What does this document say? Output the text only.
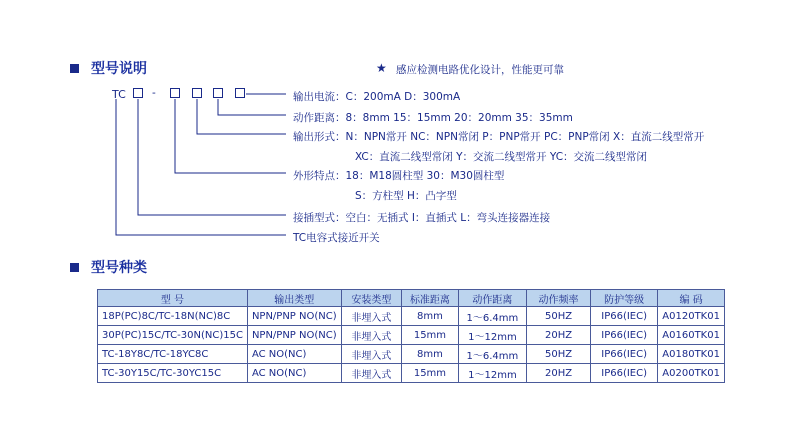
型号说明	★ 感应检测电路优化设计，性能更可靠
TC -	输出电流：C：200mA D：300mA
动作距离：8：8mm 15：15mm 20：20mm 35：35mm
输出形式：N：NPN常开 NC：NPN常闭 P：PNP常开 PC：PNP常闭 X：直流二线型常开
XC：直流二线型常闭 Y：交流二线型常开 YC：交流二线型常闭
外形特点：18：M18圆柱型 30：M30圆柱型
S：方柱型 H：凸字型
接插型式：空白：无插式 I：直插式 L：弯头连接器连接
TC电容式接近开关
型号种类
型 号	输出类型	安装类型	标准距离	动作距离	动作频率	防护等级	编 码
18P(PC)8C/TC-18N(NC)8C	NPN/PNP NO(NC)	非埋入式	8mm	1～6.4mm	50HZ	IP66(IEC)	A0120TK01
30P(PC)15C/TC-30N(NC)15C	NPN/PNP NO(NC)	非埋入式	15mm	1～12mm	20HZ	IP66(IEC)	A0160TK01
TC-18Y8C/TC-18YC8C	AC NO(NC)	非埋入式	8mm	1～6.4mm	50HZ	IP66(IEC)	A0180TK01
TC-30Y15C/TC-30YC15C	AC NO(NC)	非埋入式	15mm	1～12mm	20HZ	IP66(IEC)	A0200TK01
